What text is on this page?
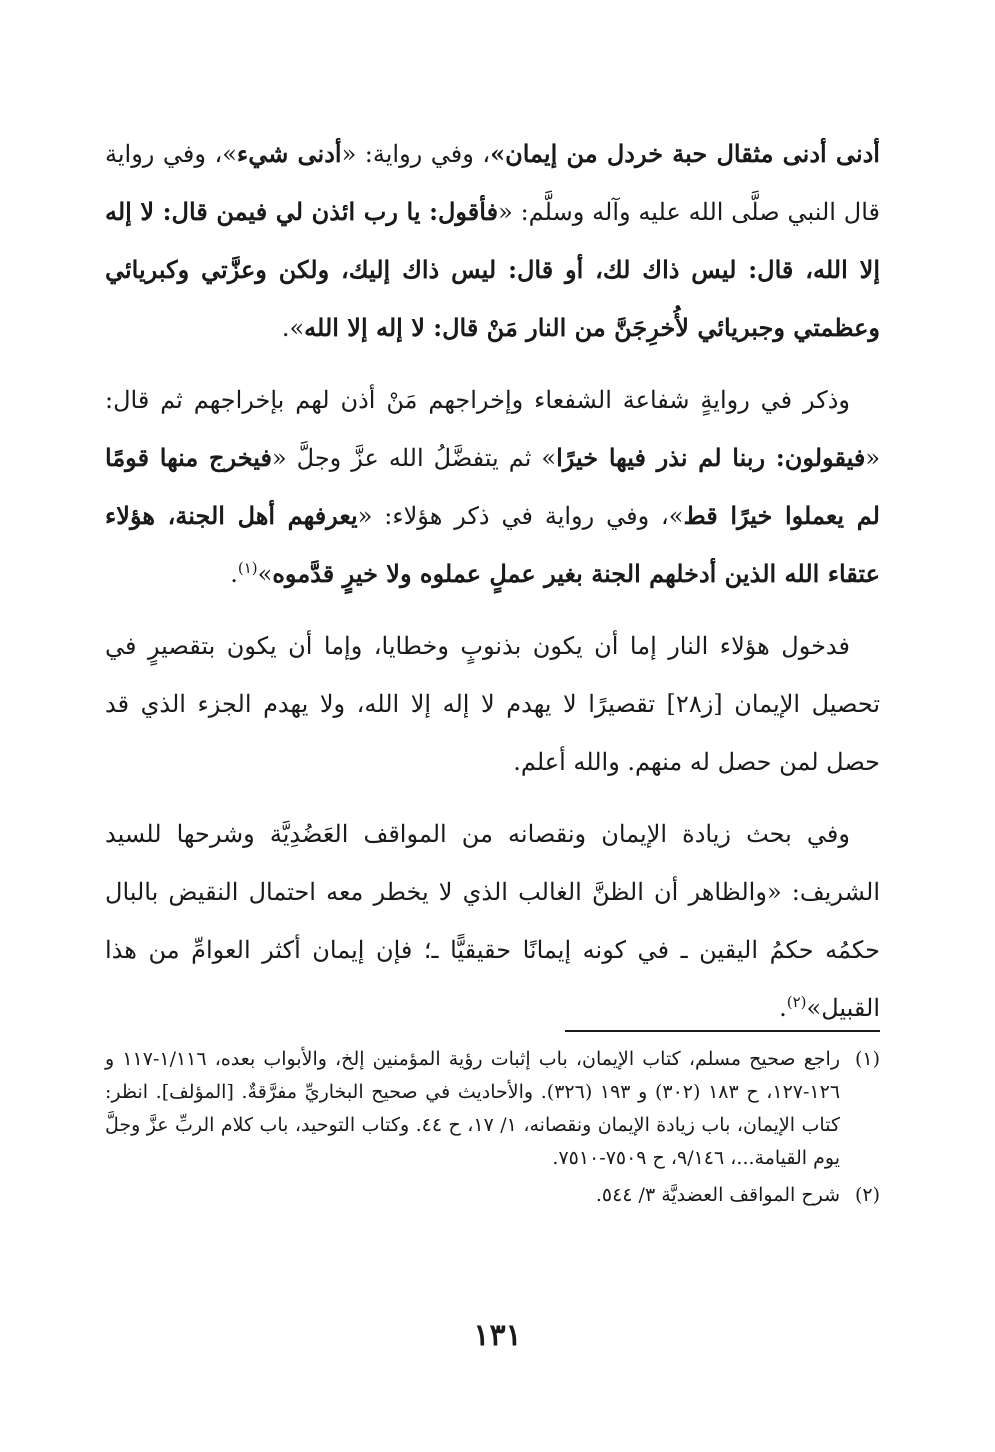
أدنى أدنى مثقال حبة خردل من إيمان»، وفي رواية: «أدنى شيء»، وفي رواية قال النبي صلَّى الله عليه وآله وسلَّم: «فأقول: يا رب ائذن لي فيمن قال: لا إله إلا الله، قال: ليس ذاك لك، أو قال: ليس ذاك إليك، ولكن وعزَّتي وكبريائي وعظمتي وجبريائي لأُخرِجَنَّ من النار مَنْ قال: لا إله إلا الله».

وذكر في روايةٍ شفاعة الشفعاء وإخراجهم مَنْ أذن لهم بإخراجهم ثم قال: «فيقولون: ربنا لم نذر فيها خيرًا» ثم يتفضَّلُ الله عزَّ وجلَّ «فيخرج منها قومًا لم يعملوا خيرًا قط»، وفي رواية في ذكر هؤلاء: «يعرفهم أهل الجنة، هؤلاء عتقاء الله الذين أدخلهم الجنة بغير عملٍ عملوه ولا خيرٍ قدَّموه»$^{(١)}$.

فدخول هؤلاء النار إما أن يكون بذنوبٍ وخطايا، وإما أن يكون بتقصيرٍ في تحصيل الإيمان [ز٢٨] تقصيرًا لا يهدم لا إله إلا الله، ولا يهدم الجزء الذي قد حصل لمن حصل له منهم. والله أعلم.

وفي بحث زيادة الإيمان ونقصانه من المواقف العَضُدِيَّة وشرحها للسيد الشريف: «والظاهر أن الظنَّ الغالب الذي لا يخطر معه احتمال النقيض بالبال حكمُه حكمُ اليقين ـ في كونه إيمانًا حقيقيًّا ـ؛ فإن إيمان أكثر العوامِّ من هذا القبيل»$^{(٢)}$.

(١)راجع صحيح مسلم، كتاب الإيمان، باب إثبات رؤية المؤمنين إلخ، والأبواب بعده، ١/١١٦-١١٧ و ١٢٦-١٢٧، ح ١٨٣ (٣٠٢) و ١٩٣ (٣٢٦). والأحاديث في صحيح البخاريِّ مفرَّقةٌ. [المؤلف]. انظر: كتاب الإيمان، باب زيادة الإيمان ونقصانه، ١/ ١٧، ح ٤٤. وكتاب التوحيد، باب كلام الربِّ عزَّ وجلَّ يوم القيامة...، ٩/١٤٦، ح ٧٥٠٩-٧٥١٠.

(٢)شرح المواقف العضديَّة ٣/ ٥٤٤.

١٣١
